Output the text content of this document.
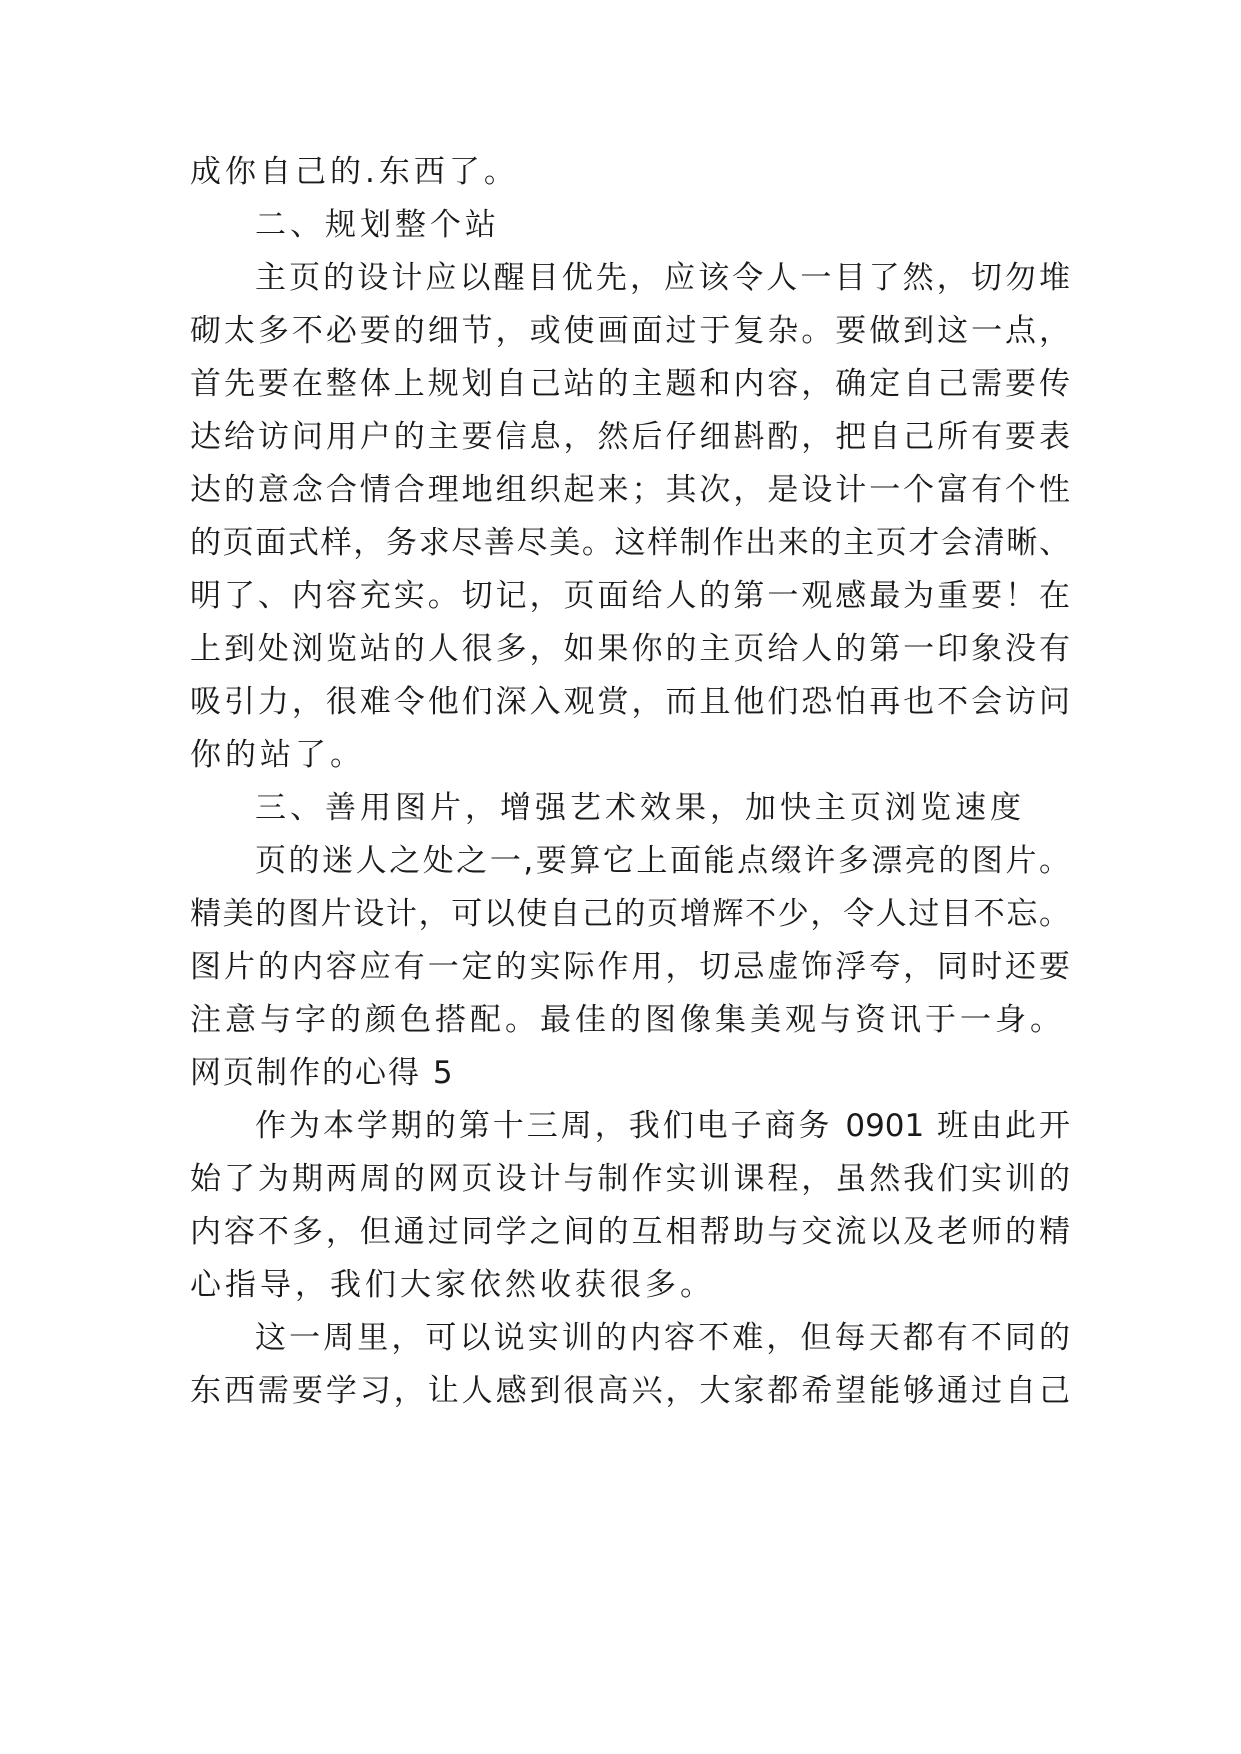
成你自己的.东西了。
二、规划整个站
主页的设计应以醒目优先，应该令人一目了然，切勿堆
砌太多不必要的细节，或使画面过于复杂。要做到这一点，
首先要在整体上规划自己站的主题和内容，确定自己需要传
达给访问用户的主要信息，然后仔细斟酌，把自己所有要表
达的意念合情合理地组织起来；其次，是设计一个富有个性
的页面式样，务求尽善尽美。这样制作出来的主页才会清晰、
明了、内容充实。切记，页面给人的第一观感最为重要！在
上到处浏览站的人很多，如果你的主页给人的第一印象没有
吸引力，很难令他们深入观赏，而且他们恐怕再也不会访问
你的站了。
三、善用图片，增强艺术效果，加快主页浏览速度
页的迷人之处之一,要算它上面能点缀许多漂亮的图片。
精美的图片设计，可以使自己的页增辉不少，令人过目不忘。
图片的内容应有一定的实际作用，切忌虚饰浮夸，同时还要
注意与字的颜色搭配。最佳的图像集美观与资讯于一身。
网页制作的心得 5
作为本学期的第十三周，我们电子商务 0901 班由此开
始了为期两周的网页设计与制作实训课程，虽然我们实训的
内容不多，但通过同学之间的互相帮助与交流以及老师的精
心指导，我们大家依然收获很多。
这一周里，可以说实训的内容不难，但每天都有不同的
东西需要学习，让人感到很高兴，大家都希望能够通过自己
